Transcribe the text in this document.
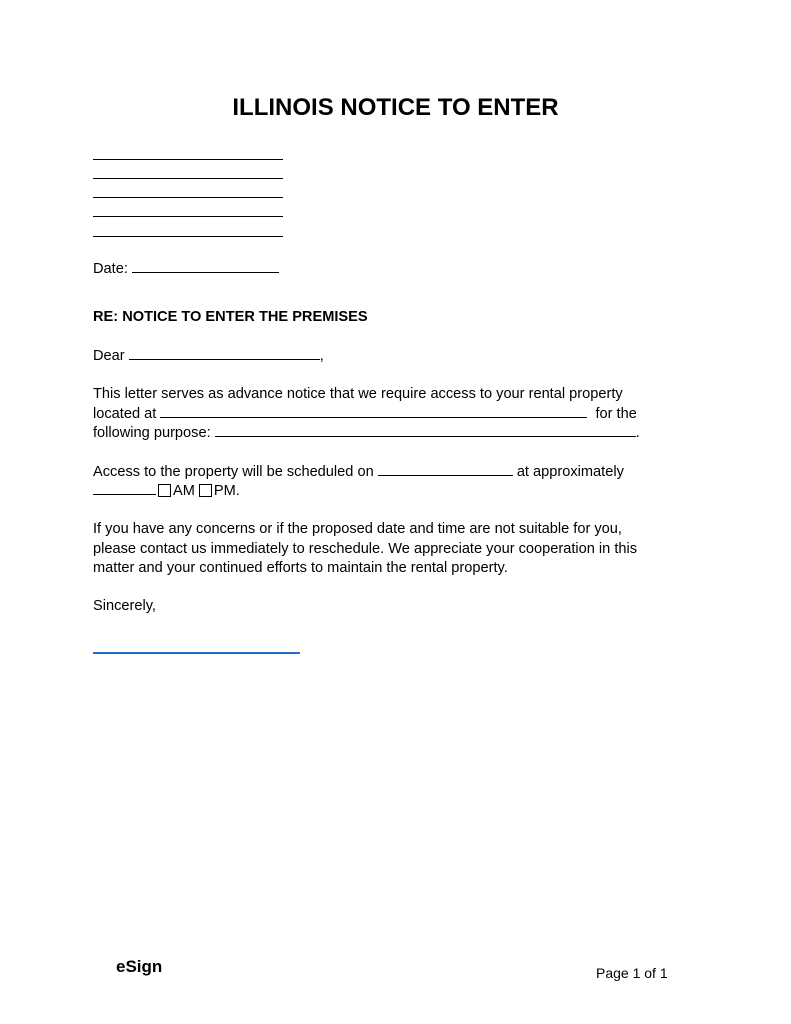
ILLINOIS NOTICE TO ENTER
Date:
RE: NOTICE TO ENTER THE PREMISES
Dear	,
This letter serves as advance notice that we require access to your rental property
located at	for the
following purpose:	.
Access to the property will be scheduled on	at approximately
AM PM.
If you have any concerns or if the proposed date and time are not suitable for you,
please contact us immediately to reschedule. We appreciate your cooperation in this
matter and your continued efforts to maintain the rental property.
Sincerely,
eSign	Page 1 of 1
